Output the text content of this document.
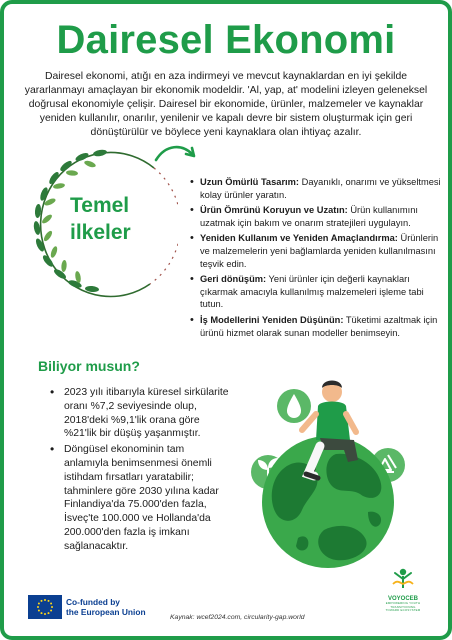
Dairesel Ekonomi

Dairesel ekonomi, atığı en aza indirmeyi ve mevcut kaynaklardan en iyi şekilde yararlanmayı amaçlayan bir ekonomik modeldir. 'Al, yap, at' modelini izleyen geleneksel doğrusal ekonomiyle çelişir. Dairesel bir ekonomide, ürünler, malzemeler ve kaynaklar yeniden kullanılır, onarılır, yenilenir ve kapalı devre bir sistem oluşturmak için geri dönüştürülür ve böylece yeni kaynaklara olan ihtiyaç azalır.

Temel ilkeler
• Uzun Ömürlü Tasarım: Dayanıklı, onarımı ve yükseltmesi kolay ürünler yaratın.
• Ürün Ömrünü Koruyun ve Uzatın: Ürün kullanımını uzatmak için bakım ve onarım stratejileri uygulayın.
• Yeniden Kullanım ve Yeniden Amaçlandırma: Ürünlerin ve malzemelerin yeni bağlamlarda yeniden kullanılmasını teşvik edin.
• Geri dönüşüm: Yeni ürünler için değerli kaynakları çıkarmak amacıyla kullanılmış malzemeleri işleme tabi tutun.
• İş Modellerini Yeniden Düşünün: Tüketimi azaltmak için ürünü hizmet olarak sunan modeller benimseyin.
Biliyor musun?
• 2023 yılı itibarıyla küresel sirkülarite oranı %7,2 seviyesinde olup, 2018'deki %9,1'lik orana göre %21'lik bir düşüş yaşanmıştır.
• Döngüsel ekonominin tam anlamıyla benimsenmesi önemli istihdam fırsatları yaratabilir; tahminlere göre 2030 yılına kadar Finlandiya'da 75.000'den fazla, İsveç'te 100.000 ve Hollanda'da 200.000'den fazla iş imkanı sağlanacaktır.
Co-funded by
the European Union
Kaynak: wcef2024.com, circularity-gap.world
VOYOCEB
EMPOWERING YOUTH
TRANSITIONING
TOWARD ECOSYSTEM
